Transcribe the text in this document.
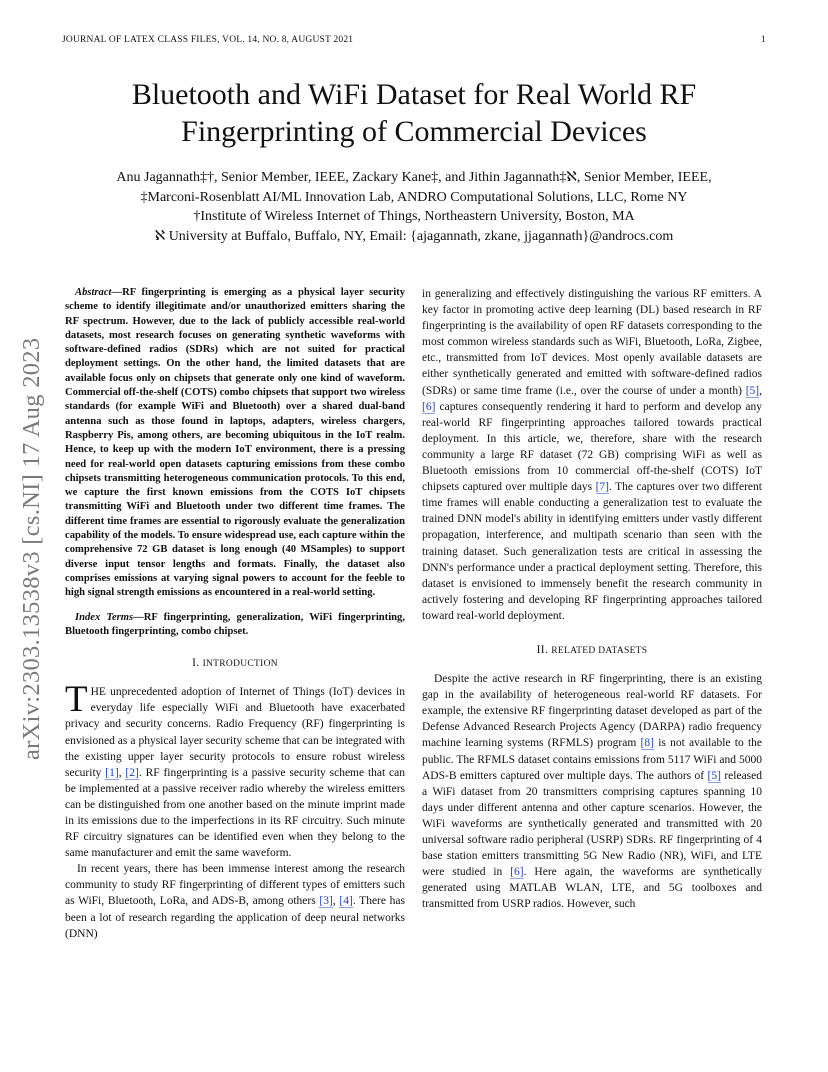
JOURNAL OF LATEX CLASS FILES, VOL. 14, NO. 8, AUGUST 2021	1
arXiv:2303.13538v3 [cs.NI] 17 Aug 2023
Bluetooth and WiFi Dataset for Real World RF
Fingerprinting of Commercial Devices
Anu Jagannath‡†, Senior Member, IEEE, Zackary Kane‡, and Jithin Jagannath‡ℵ, Senior Member, IEEE,
‡Marconi-Rosenblatt AI/ML Innovation Lab, ANDRO Computational Solutions, LLC, Rome NY
†Institute of Wireless Internet of Things, Northeastern University, Boston, MA
ℵ University at Buffalo, Buffalo, NY, Email: {ajagannath, zkane, jjagannath}@androcs.com

Abstract—RF fingerprinting is emerging as a physical layer security scheme to identify illegitimate and/or unauthorized emitters sharing the RF spectrum. However, due to the lack of publicly accessible real-world datasets, most research focuses on generating synthetic waveforms with software-defined radios (SDRs) which are not suited for practical deployment settings. On the other hand, the limited datasets that are available focus only on chipsets that generate only one kind of waveform. Commercial off-the-shelf (COTS) combo chipsets that support two wireless standards (for example WiFi and Bluetooth) over a shared dual-band antenna such as those found in laptops, adapters, wireless chargers, Raspberry Pis, among others, are becoming ubiquitous in the IoT realm. Hence, to keep up with the modern IoT environment, there is a pressing need for real-world open datasets capturing emissions from these combo chipsets transmitting heterogeneous communication protocols. To this end, we capture the first known emissions from the COTS IoT chipsets transmitting WiFi and Bluetooth under two different time frames. The different time frames are essential to rigorously evaluate the generalization capability of the models. To ensure widespread use, each capture within the comprehensive 72 GB dataset is long enough (40 MSamples) to support diverse input tensor lengths and formats. Finally, the dataset also comprises emissions at varying signal powers to account for the feeble to high signal strength emissions as encountered in a real-world setting.

Index Terms—RF fingerprinting, generalization, WiFi fingerprinting, Bluetooth fingerprinting, combo chipset.

I. INTRODUCTION

THE unprecedented adoption of Internet of Things (IoT) devices in everyday life especially WiFi and Bluetooth have exacerbated privacy and security concerns. Radio Frequency (RF) fingerprinting is envisioned as a physical layer security scheme that can be integrated with the existing upper layer security protocols to ensure robust wireless security [1], [2]. RF fingerprinting is a passive security scheme that can be implemented at a passive receiver radio whereby the wireless emitters can be distinguished from one another based on the minute imprint made in its emissions due to the imperfections in its RF circuitry. Such minute RF circuitry signatures can be identified even when they belong to the same manufacturer and emit the same waveform.

In recent years, there has been immense interest among the research community to study RF fingerprinting of different types of emitters such as WiFi, Bluetooth, LoRa, and ADS-B, among others [3], [4]. There has been a lot of research regarding the application of deep neural networks (DNN)

in generalizing and effectively distinguishing the various RF emitters. A key factor in promoting active deep learning (DL) based research in RF fingerprinting is the availability of open RF datasets corresponding to the most common wireless standards such as WiFi, Bluetooth, LoRa, Zigbee, etc., transmitted from IoT devices. Most openly available datasets are either synthetically generated and emitted with software-defined radios (SDRs) or same time frame (i.e., over the course of under a month) [5], [6] captures consequently rendering it hard to perform and develop any real-world RF fingerprinting approaches tailored towards practical deployment. In this article, we, therefore, share with the research community a large RF dataset (72 GB) comprising WiFi as well as Bluetooth emissions from 10 commercial off-the-shelf (COTS) IoT chipsets captured over multiple days [7]. The captures over two different time frames will enable conducting a generalization test to evaluate the trained DNN model's ability in identifying emitters under vastly different propagation, interference, and multipath scenario than seen with the training dataset. Such generalization tests are critical in assessing the DNN's performance under a practical deployment setting. Therefore, this dataset is envisioned to immensely benefit the research community in actively fostering and developing RF fingerprinting approaches tailored toward real-world deployment.

II. RELATED DATASETS

Despite the active research in RF fingerprinting, there is an existing gap in the availability of heterogeneous real-world RF datasets. For example, the extensive RF fingerprinting dataset developed as part of the Defense Advanced Research Projects Agency (DARPA) radio frequency machine learning systems (RFMLS) program [8] is not available to the public. The RFMLS dataset contains emissions from 5117 WiFi and 5000 ADS-B emitters captured over multiple days. The authors of [5] released a WiFi dataset from 20 transmitters comprising captures spanning 10 days under different antenna and other capture scenarios. However, the WiFi waveforms are synthetically generated and transmitted with 20 universal software radio peripheral (USRP) SDRs. RF fingerprinting of 4 base station emitters transmitting 5G New Radio (NR), WiFi, and LTE were studied in [6]. Here again, the waveforms are synthetically generated using MATLAB WLAN, LTE, and 5G toolboxes and transmitted from USRP radios. However, such
